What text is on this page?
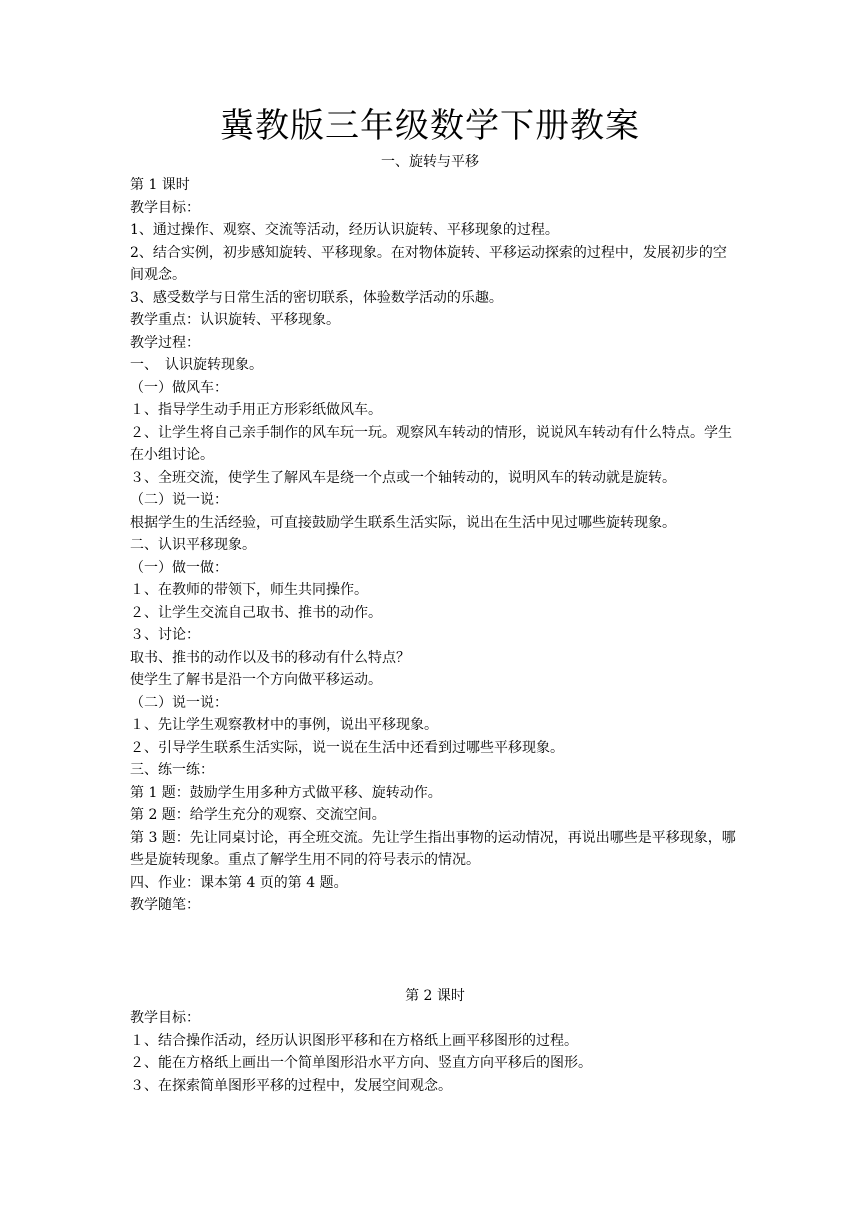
冀教版三年级数学下册教案
一、旋转与平移

第 1 课时

教学目标：

1、通过操作、观察、交流等活动，经历认识旋转、平移现象的过程。

2、结合实例，初步感知旋转、平移现象。在对物体旋转、平移运动探索的过程中，发展初步的空间观念。

3、感受数学与日常生活的密切联系，体验数学活动的乐趣。

教学重点：认识旋转、平移现象。

教学过程：

一、　认识旋转现象。

（一）做风车：

１、指导学生动手用正方形彩纸做风车。

２、让学生将自己亲手制作的风车玩一玩。观察风车转动的情形，说说风车转动有什么特点。学生在小组讨论。

３、全班交流，使学生了解风车是绕一个点或一个轴转动的，说明风车的转动就是旋转。

（二）说一说：

根据学生的生活经验，可直接鼓励学生联系生活实际，说出在生活中见过哪些旋转现象。

二、认识平移现象。

（一）做一做：

１、在教师的带领下，师生共同操作。

２、让学生交流自己取书、推书的动作。

３、讨论：

取书、推书的动作以及书的移动有什么特点？

使学生了解书是沿一个方向做平移运动。

（二）说一说：

１、先让学生观察教材中的事例，说出平移现象。

２、引导学生联系生活实际，说一说在生活中还看到过哪些平移现象。

三、练一练：

第 1 题：鼓励学生用多种方式做平移、旋转动作。

第 2 题：给学生充分的观察、交流空间。

第 3 题：先让同桌讨论，再全班交流。先让学生指出事物的运动情况，再说出哪些是平移现象，哪些是旋转现象。重点了解学生用不同的符号表示的情况。

四、作业：课本第 4 页的第 4 题。

教学随笔：

第 2 课时

教学目标：

１、结合操作活动，经历认识图形平移和在方格纸上画平移图形的过程。

２、能在方格纸上画出一个简单图形沿水平方向、竖直方向平移后的图形。

３、在探索简单图形平移的过程中，发展空间观念。
